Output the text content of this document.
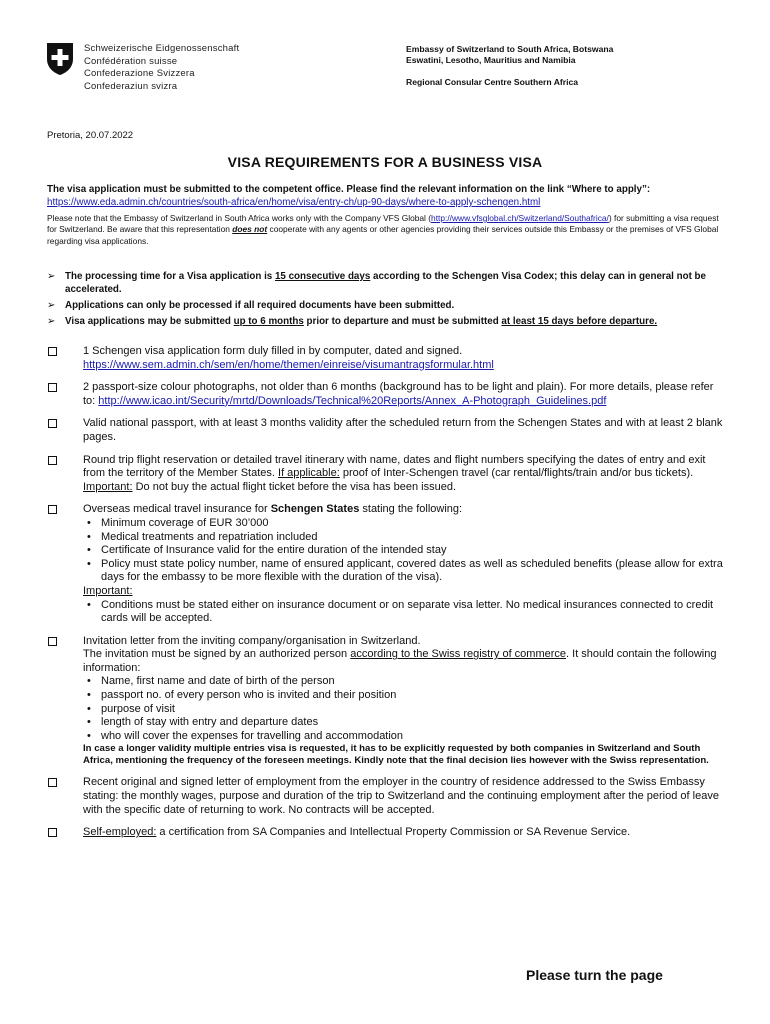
Schweizerische Eidgenossenschaft
Confédération suisse
Confederazione Svizzera
Confederaziun svizra
Embassy of Switzerland to South Africa, Botswana
Eswatini, Lesotho, Mauritius and Namibia
Regional Consular Centre Southern Africa
Pretoria, 20.07.2022
VISA REQUIREMENTS FOR A BUSINESS VISA
The visa application must be submitted to the competent office. Please find the relevant information on the link “Where to apply”: https://www.eda.admin.ch/countries/south-africa/en/home/visa/entry-ch/up-90-days/where-to-apply-schengen.html
Please note that the Embassy of Switzerland in South Africa works only with the Company VFS Global (http://www.vfsglobal.ch/Switzerland/Southafrica/) for submitting a visa request for Switzerland. Be aware that this representation does not cooperate with any agents or other agencies providing their services outside this Embassy or the premises of VFS Global regarding visa applications.
➢ The processing time for a Visa application is 15 consecutive days according to the Schengen Visa Codex; this delay can in general not be accelerated.
➢ Applications can only be processed if all required documents have been submitted.
➢ Visa applications may be submitted up to 6 months prior to departure and must be submitted at least 15 days before departure.
1 Schengen visa application form duly filled in by computer, dated and signed.
https://www.sem.admin.ch/sem/en/home/themen/einreise/visumantragsformular.html
2 passport-size colour photographs, not older than 6 months (background has to be light and plain). For more details, please refer to: http://www.icao.int/Security/mrtd/Downloads/Technical%20Reports/Annex_A-Photograph_Guidelines.pdf
Valid national passport, with at least 3 months validity after the scheduled return from the Schengen States and with at least 2 blank pages.
Round trip flight reservation or detailed travel itinerary with name, dates and flight numbers specifying the dates of entry and exit from the territory of the Member States. If applicable: proof of Inter-Schengen travel (car rental/flights/train and/or bus tickets).
Important: Do not buy the actual flight ticket before the visa has been issued.
Overseas medical travel insurance for Schengen States stating the following:
• Minimum coverage of EUR 30’000
• Medical treatments and repatriation included
• Certificate of Insurance valid for the entire duration of the intended stay
• Policy must state policy number, name of ensured applicant, covered dates as well as scheduled benefits (please allow for extra days for the embassy to be more flexible with the duration of the visa).
Important:
• Conditions must be stated either on insurance document or on separate visa letter. No medical insurances connected to credit cards will be accepted.
Invitation letter from the inviting company/organisation in Switzerland.
The invitation must be signed by an authorized person according to the Swiss registry of commerce. It should contain the following information:
• Name, first name and date of birth of the person
• passport no. of every person who is invited and their position
• purpose of visit
• length of stay with entry and departure dates
• who will cover the expenses for travelling and accommodation
In case a longer validity multiple entries visa is requested, it has to be explicitly requested by both companies in Switzerland and South Africa, mentioning the frequency of the foreseen meetings. Kindly note that the final decision lies however with the Swiss representation.
Recent original and signed letter of employment from the employer in the country of residence addressed to the Swiss Embassy stating: the monthly wages, purpose and duration of the trip to Switzerland and the continuing employment after the period of leave with the specific date of returning to work. No contracts will be accepted.
Self-employed: a certification from SA Companies and Intellectual Property Commission or SA Revenue Service.
Please turn the page
